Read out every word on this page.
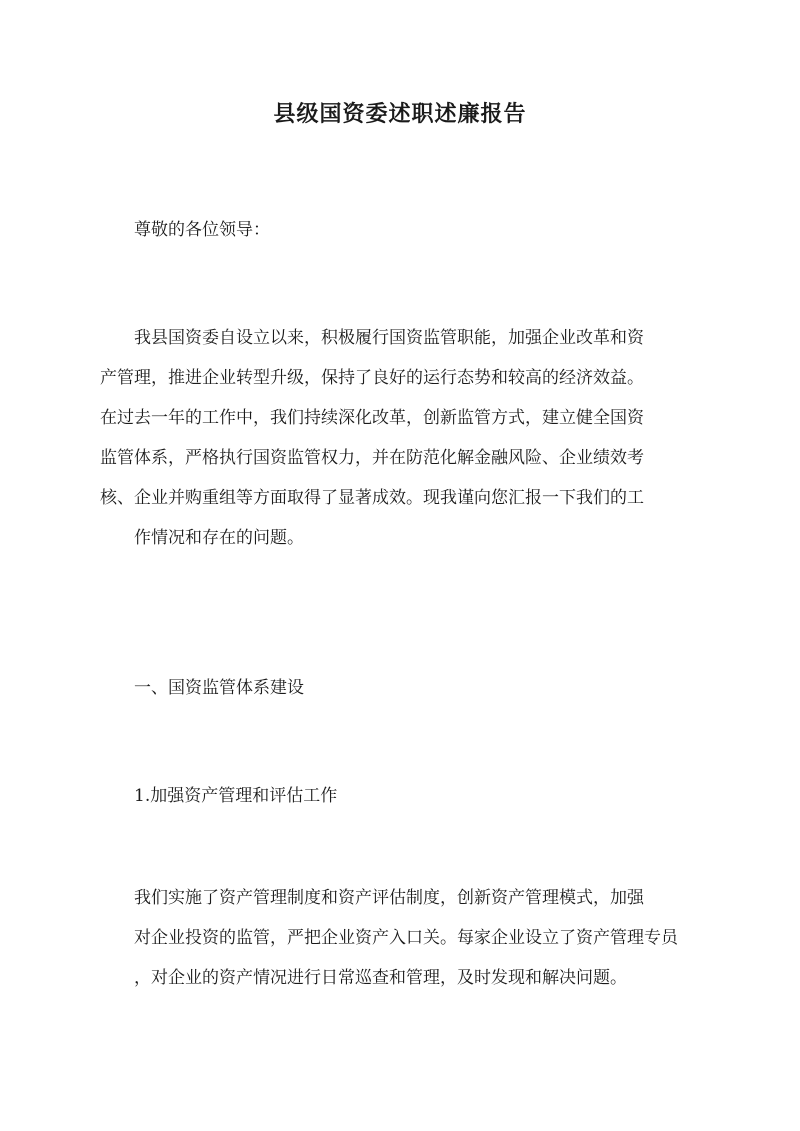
县级国资委述职述廉报告

尊敬的各位领导：

我县国资委自设立以来，积极履行国资监管职能，加强企业改革和资
产管理，推进企业转型升级，保持了良好的运行态势和较高的经济效益。
在过去一年的工作中，我们持续深化改革，创新监管方式，建立健全国资
监管体系，严格执行国资监管权力，并在防范化解金融风险、企业绩效考
核、企业并购重组等方面取得了显著成效。现我谨向您汇报一下我们的工
作情况和存在的问题。

一、国资监管体系建设

1.加强资产管理和评估工作

我们实施了资产管理制度和资产评估制度，创新资产管理模式，加强
对企业投资的监管，严把企业资产入口关。每家企业设立了资产管理专员
，对企业的资产情况进行日常巡查和管理，及时发现和解决问题。
